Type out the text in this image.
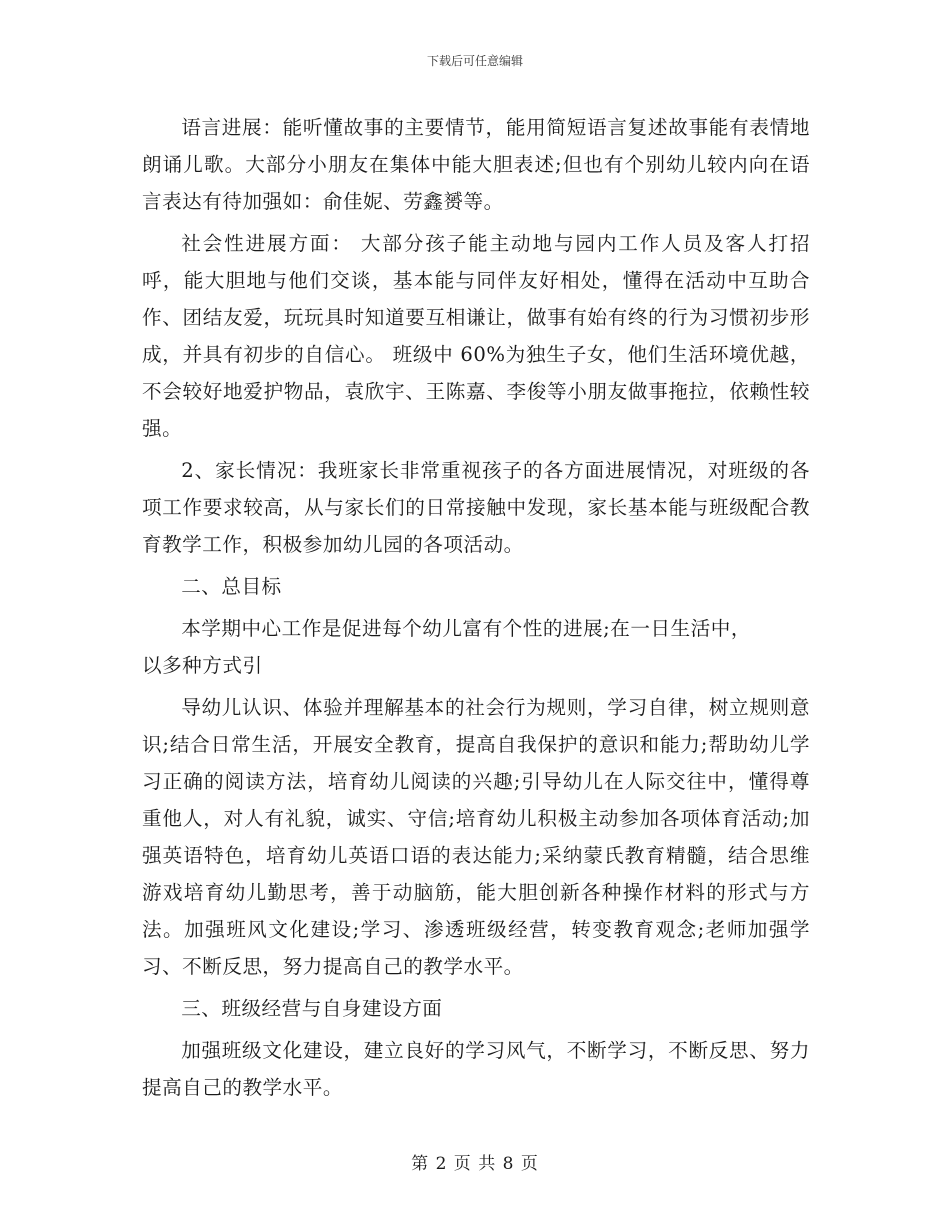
下载后可任意编辑

语言进展：能听懂故事的主要情节，能用简短语言复述故事能有表情地朗诵儿歌。大部分小朋友在集体中能大胆表述;但也有个别幼儿较内向在语言表达有待加强如：俞佳妮、劳鑫赟等。

社会性进展方面： 大部分孩子能主动地与园内工作人员及客人打招呼，能大胆地与他们交谈，基本能与同伴友好相处，懂得在活动中互助合作、团结友爱，玩玩具时知道要互相谦让，做事有始有终的行为习惯初步形成，并具有初步的自信心。 班级中 60%为独生子女，他们生活环境优越，不会较好地爱护物品，袁欣宇、王陈嘉、李俊等小朋友做事拖拉，依赖性较强。

2、家长情况：我班家长非常重视孩子的各方面进展情况，对班级的各项工作要求较高，从与家长们的日常接触中发现，家长基本能与班级配合教育教学工作，积极参加幼儿园的各项活动。

二、总目标

本学期中心工作是促进每个幼儿富有个性的进展;在一日生活中，

以多种方式引

导幼儿认识、体验并理解基本的社会行为规则，学习自律，树立规则意识;结合日常生活，开展安全教育，提高自我保护的意识和能力;帮助幼儿学习正确的阅读方法，培育幼儿阅读的兴趣;引导幼儿在人际交往中，懂得尊重他人，对人有礼貌，诚实、守信;培育幼儿积极主动参加各项体育活动;加强英语特色，培育幼儿英语口语的表达能力;采纳蒙氏教育精髓，结合思维游戏培育幼儿勤思考，善于动脑筋，能大胆创新各种操作材料的形式与方法。加强班风文化建设;学习、渗透班级经营，转变教育观念;老师加强学习、不断反思，努力提高自己的教学水平。

三、班级经营与自身建设方面

加强班级文化建设，建立良好的学习风气，不断学习，不断反思、努力提高自己的教学水平。

第 2 页 共 8 页
